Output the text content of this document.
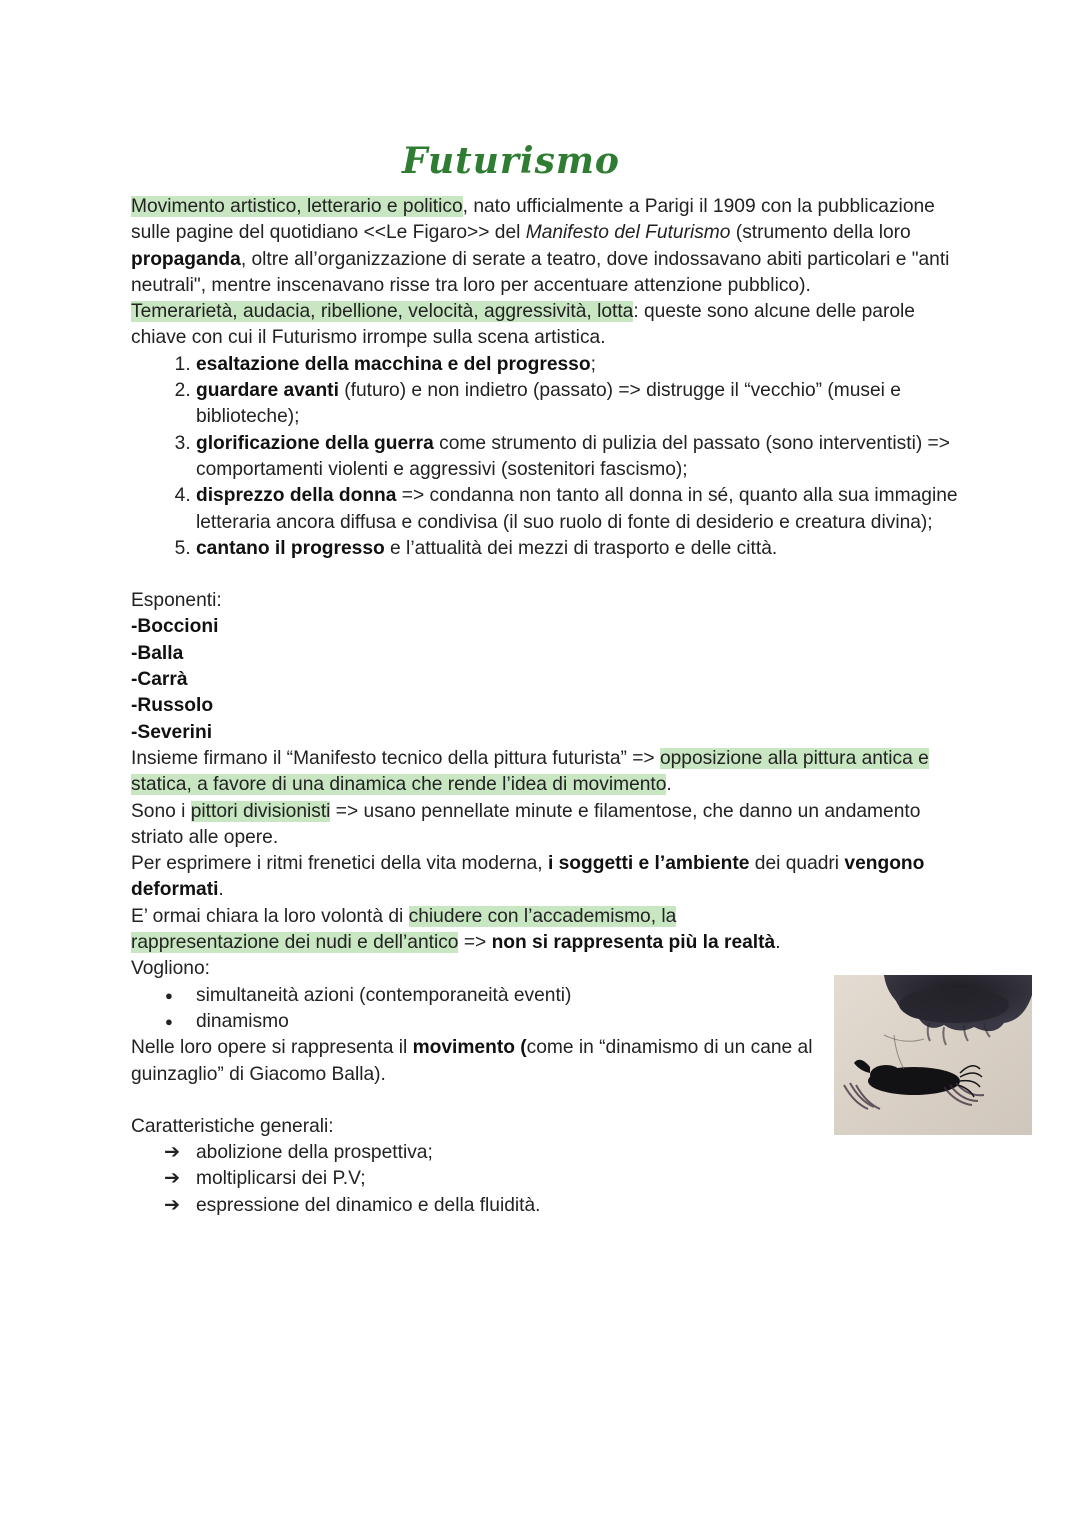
Futurismo

Movimento artistico, letterario e politico, nato ufficialmente a Parigi il 1909 con la pubblicazione sulle pagine del quotidiano <<Le Figaro>> del Manifesto del Futurismo (strumento della loro propaganda, oltre all’organizzazione di serate a teatro, dove indossavano abiti particolari e "anti neutrali", mentre inscenavano risse tra loro per accentuare attenzione pubblico).

Temerarietà, audacia, ribellione, velocità, aggressività, lotta: queste sono alcune delle parole chiave con cui il Futurismo irrompe sulla scena artistica.

1. esaltazione della macchina e del progresso;
2. guardare avanti (futuro) e non indietro (passato) => distrugge il “vecchio” (musei e biblioteche);
3. glorificazione della guerra come strumento di pulizia del passato (sono interventisti) => comportamenti violenti e aggressivi (sostenitori fascismo);
4. disprezzo della donna => condanna non tanto all donna in sé, quanto alla sua immagine letteraria ancora diffusa e condivisa (il suo ruolo di fonte di desiderio e creatura divina);
5. cantano il progresso e l’attualità dei mezzi di trasporto e delle città.

Esponenti:

-Boccioni

-Balla

-Carrà

-Russolo

-Severini

Insieme firmano il “Manifesto tecnico della pittura futurista” => opposizione alla pittura antica e statica, a favore di una dinamica che rende l’idea di movimento.

Sono i pittori divisionisti => usano pennellate minute e filamentose, che danno un andamento striato alle opere.

Per esprimere i ritmi frenetici della vita moderna, i soggetti e l’ambiente dei quadri vengono deformati.

E’ ormai chiara la loro volontà di chiudere con l’accademismo, la rappresentazione dei nudi e dell’antico => non si rappresenta più la realtà.

Vogliono:

● simultaneità azioni (contemporaneità eventi)
● dinamismo

Nelle loro opere si rappresenta il movimento (come in “dinamismo di un cane al guinzaglio” di Giacomo Balla).

Caratteristiche generali:

➔ abolizione della prospettiva;
➔ moltiplicarsi dei P.V;
➔ espressione del dinamico e della fluidità.
